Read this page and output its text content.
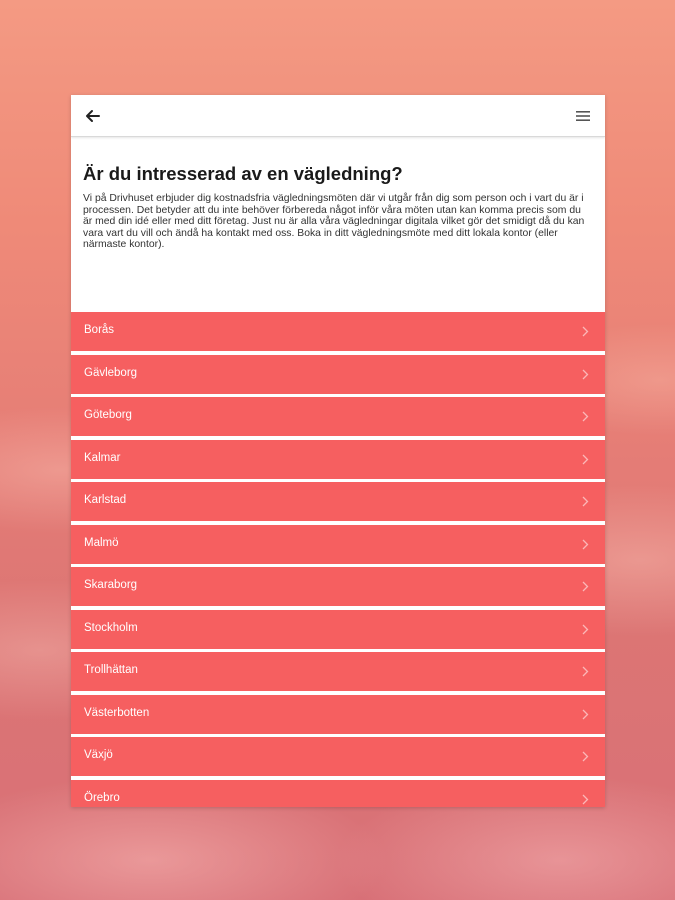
Är du intresserad av en vägledning?

Vi på Drivhuset erbjuder dig kostnadsfria vägledningsmöten där vi utgår från dig som person och i vart du är i processen. Det betyder att du inte behöver förbereda något inför våra möten utan kan komma precis som du är med din idé eller med ditt företag. Just nu är alla våra vägledningar digitala vilket gör det smidigt då du kan vara vart du vill och ändå ha kontakt med oss. Boka in ditt vägledningsmöte med ditt lokala kontor (eller närmaste kontor).

Borås
Gävleborg
Göteborg
Kalmar
Karlstad
Malmö
Skaraborg
Stockholm
Trollhättan
Västerbotten
Växjö
Örebro
